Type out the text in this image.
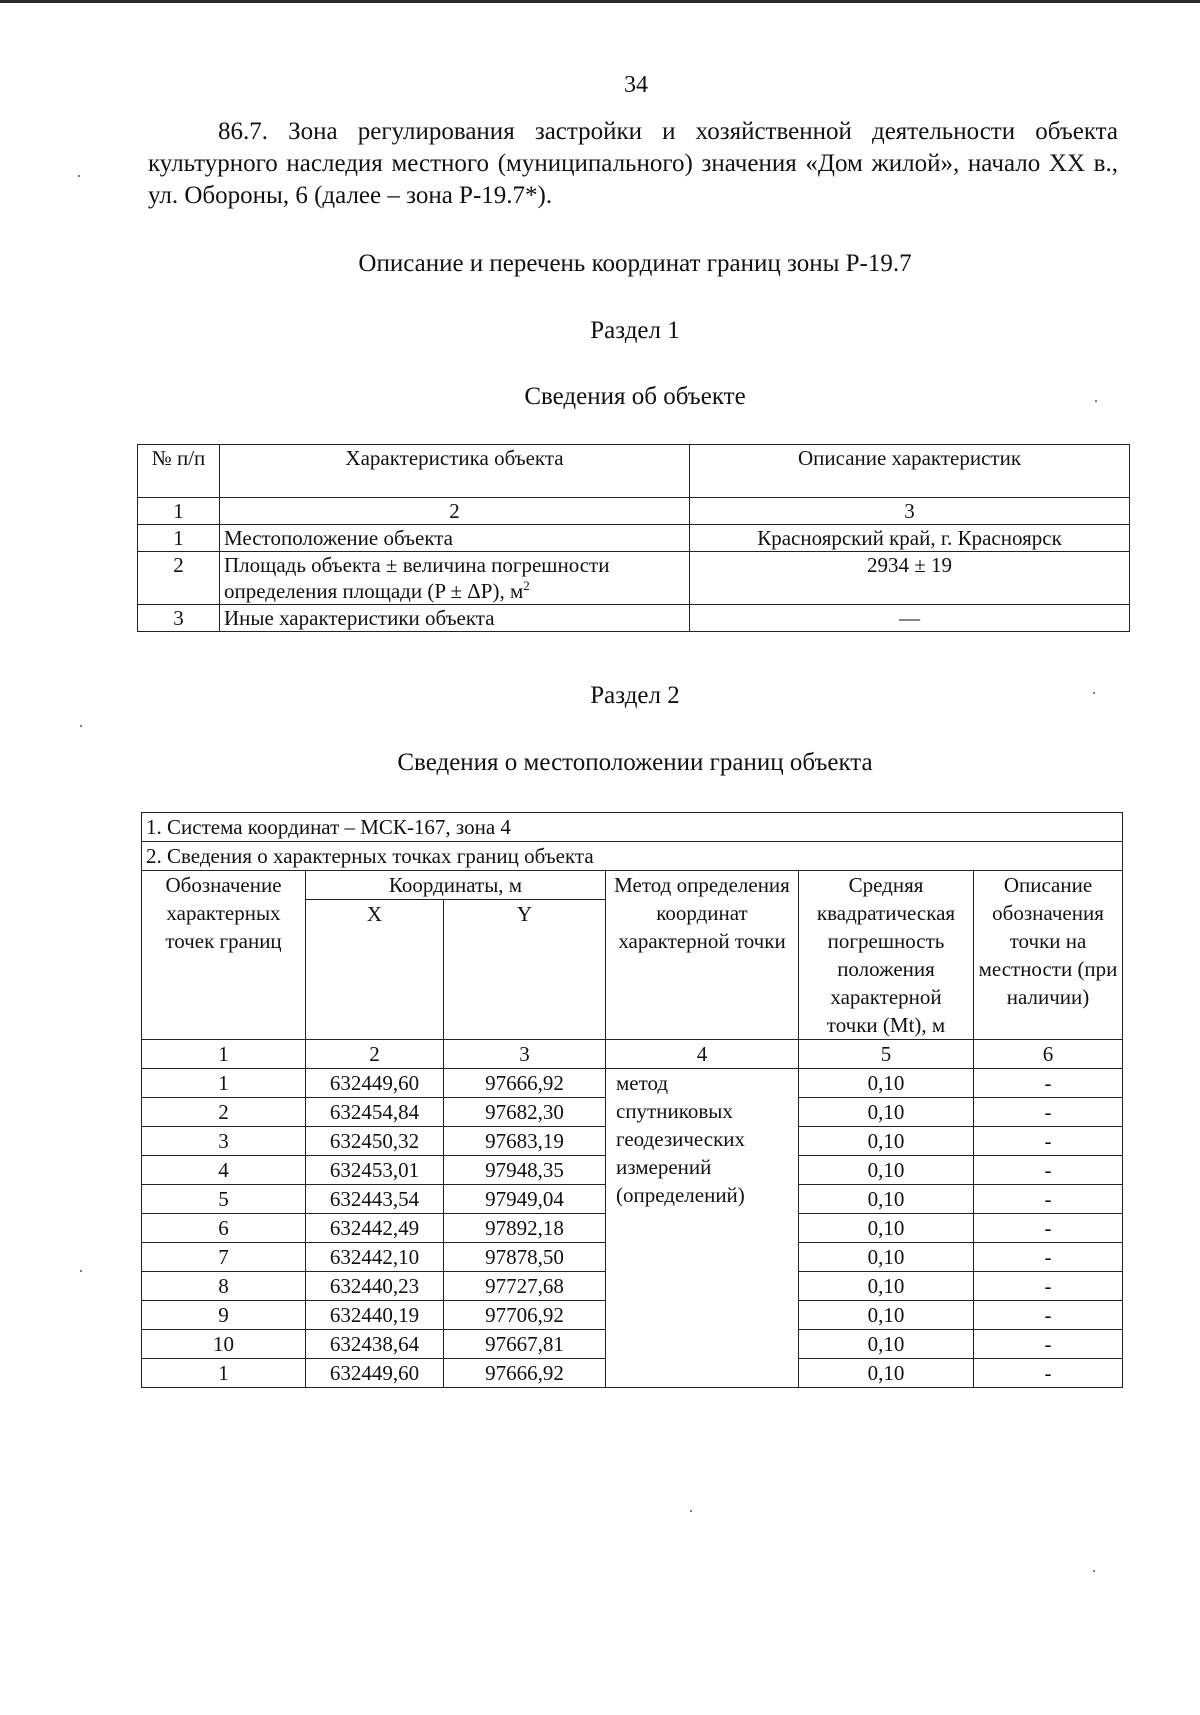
34
86.7. Зона регулирования застройки и хозяйственной деятельности объекта культурного наследия местного (муниципального) значения «Дом жилой», начало XX в., ул. Обороны, 6 (далее – зона Р-19.7*).
Описание и перечень координат границ зоны Р-19.7
Раздел 1
Сведения об объекте
№ п/п	Характеристика объекта	Описание характеристик
1	2	3
1	Местоположение объекта	Красноярский край, г. Красноярск
2	Площадь объекта ± величина погрешности определения площади (P ± ΔP), $м^2$	2934 ± 19
3	Иные характеристики объекта	—
Раздел 2
Сведения о местоположении границ объекта
1. Система координат – МСК-167, зона 4					
2. Сведения о характерных точках границ объекта					
Обозначение характерных точек границ	Координаты, м		Метод определения координат характерной точки	Средняя квадратическая погрешность положения характерной точки (Mt), м	Описание обозначения точки на местности (при наличии)
	X	Y			
1	2	3	4	5	6
1	632449,60	97666,92	метод спутниковых геодезических измерений (определений)	0,10	-
2	632454,84	97682,30		0,10	-
3	632450,32	97683,19		0,10	-
4	632453,01	97948,35		0,10	-
5	632443,54	97949,04		0,10	-
6	632442,49	97892,18		0,10	-
7	632442,10	97878,50		0,10	-
8	632440,23	97727,68		0,10	-
9	632440,19	97706,92		0,10	-
10	632438,64	97667,81		0,10	-
1	632449,60	97666,92		0,10	-
